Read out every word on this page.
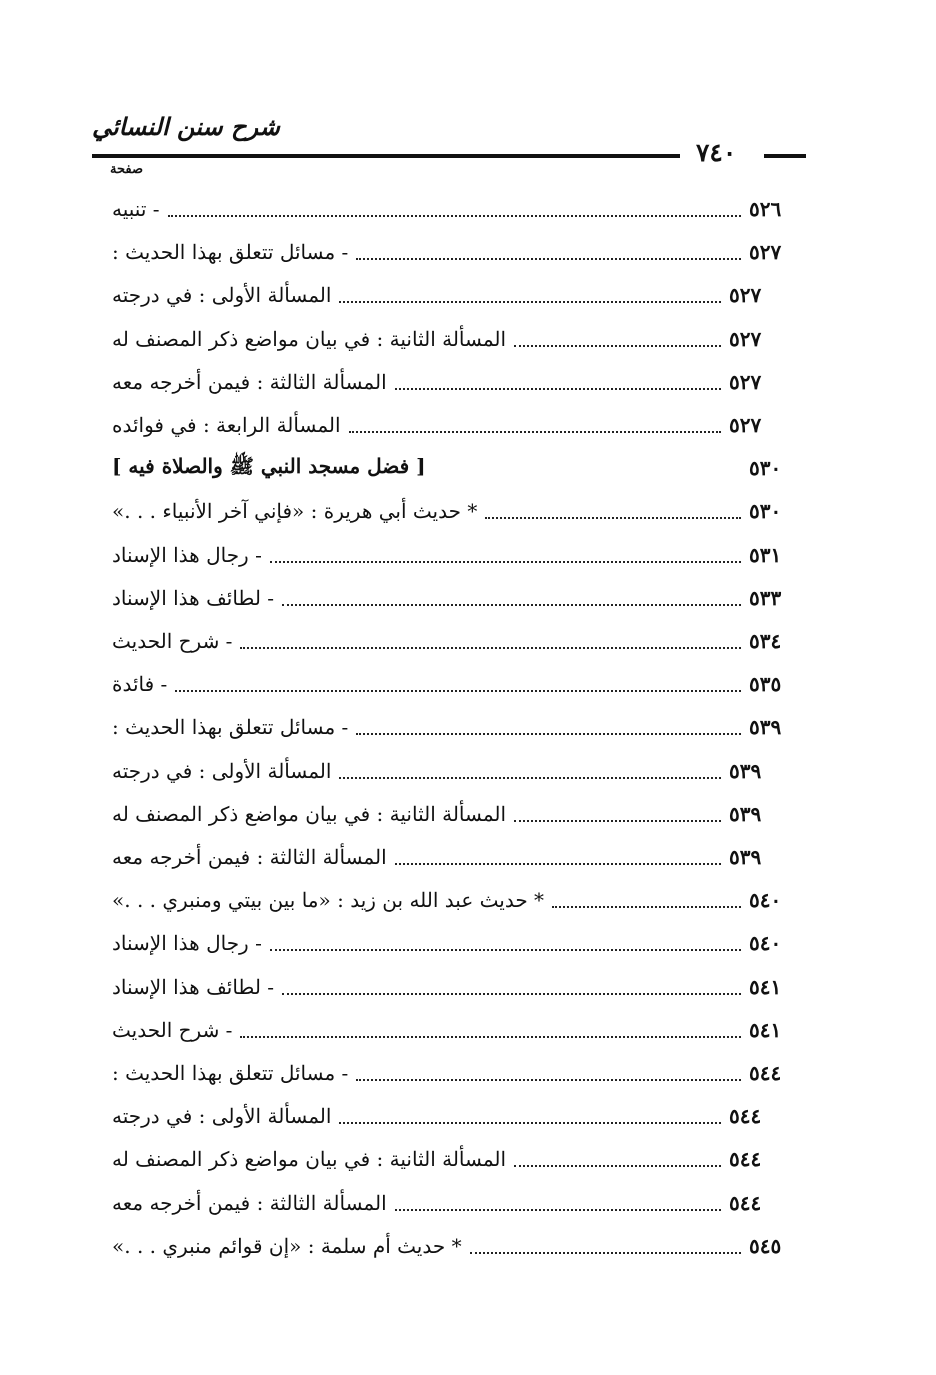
شرح سنن النسائي
٧٤٠
صفحة
- تنبيه	٥٢٦
- مسائل تتعلق بهذا الحديث :	٥٢٧
المسألة الأولى : في درجته	٥٢٧
المسألة الثانية : في بيان مواضع ذكر المصنف له	٥٢٧
المسألة الثالثة : فيمن أخرجه معه	٥٢٧
المسألة الرابعة : في فوائده	٥٢٧
[ فضل مسجد النبي ﷺ والصلاة فيه ]	٥٣٠
* حديث أبي هريرة : «فإني آخر الأنبياء . . .»	٥٣٠
- رجال هذا الإسناد	٥٣١
- لطائف هذا الإسناد	٥٣٣
- شرح الحديث	٥٣٤
- فائدة	٥٣٥
- مسائل تتعلق بهذا الحديث :	٥٣٩
المسألة الأولى : في درجته	٥٣٩
المسألة الثانية : في بيان مواضع ذكر المصنف له	٥٣٩
المسألة الثالثة : فيمن أخرجه معه	٥٣٩
* حديث عبد الله بن زيد : «ما بين بيتي ومنبري . . .»	٥٤٠
- رجال هذا الإسناد	٥٤٠
- لطائف هذا الإسناد	٥٤١
- شرح الحديث	٥٤١
- مسائل تتعلق بهذا الحديث :	٥٤٤
المسألة الأولى : في درجته	٥٤٤
المسألة الثانية : في بيان مواضع ذكر المصنف له	٥٤٤
المسألة الثالثة : فيمن أخرجه معه	٥٤٤
* حديث أم سلمة : «إن قوائم منبري . . .»	٥٤٥
